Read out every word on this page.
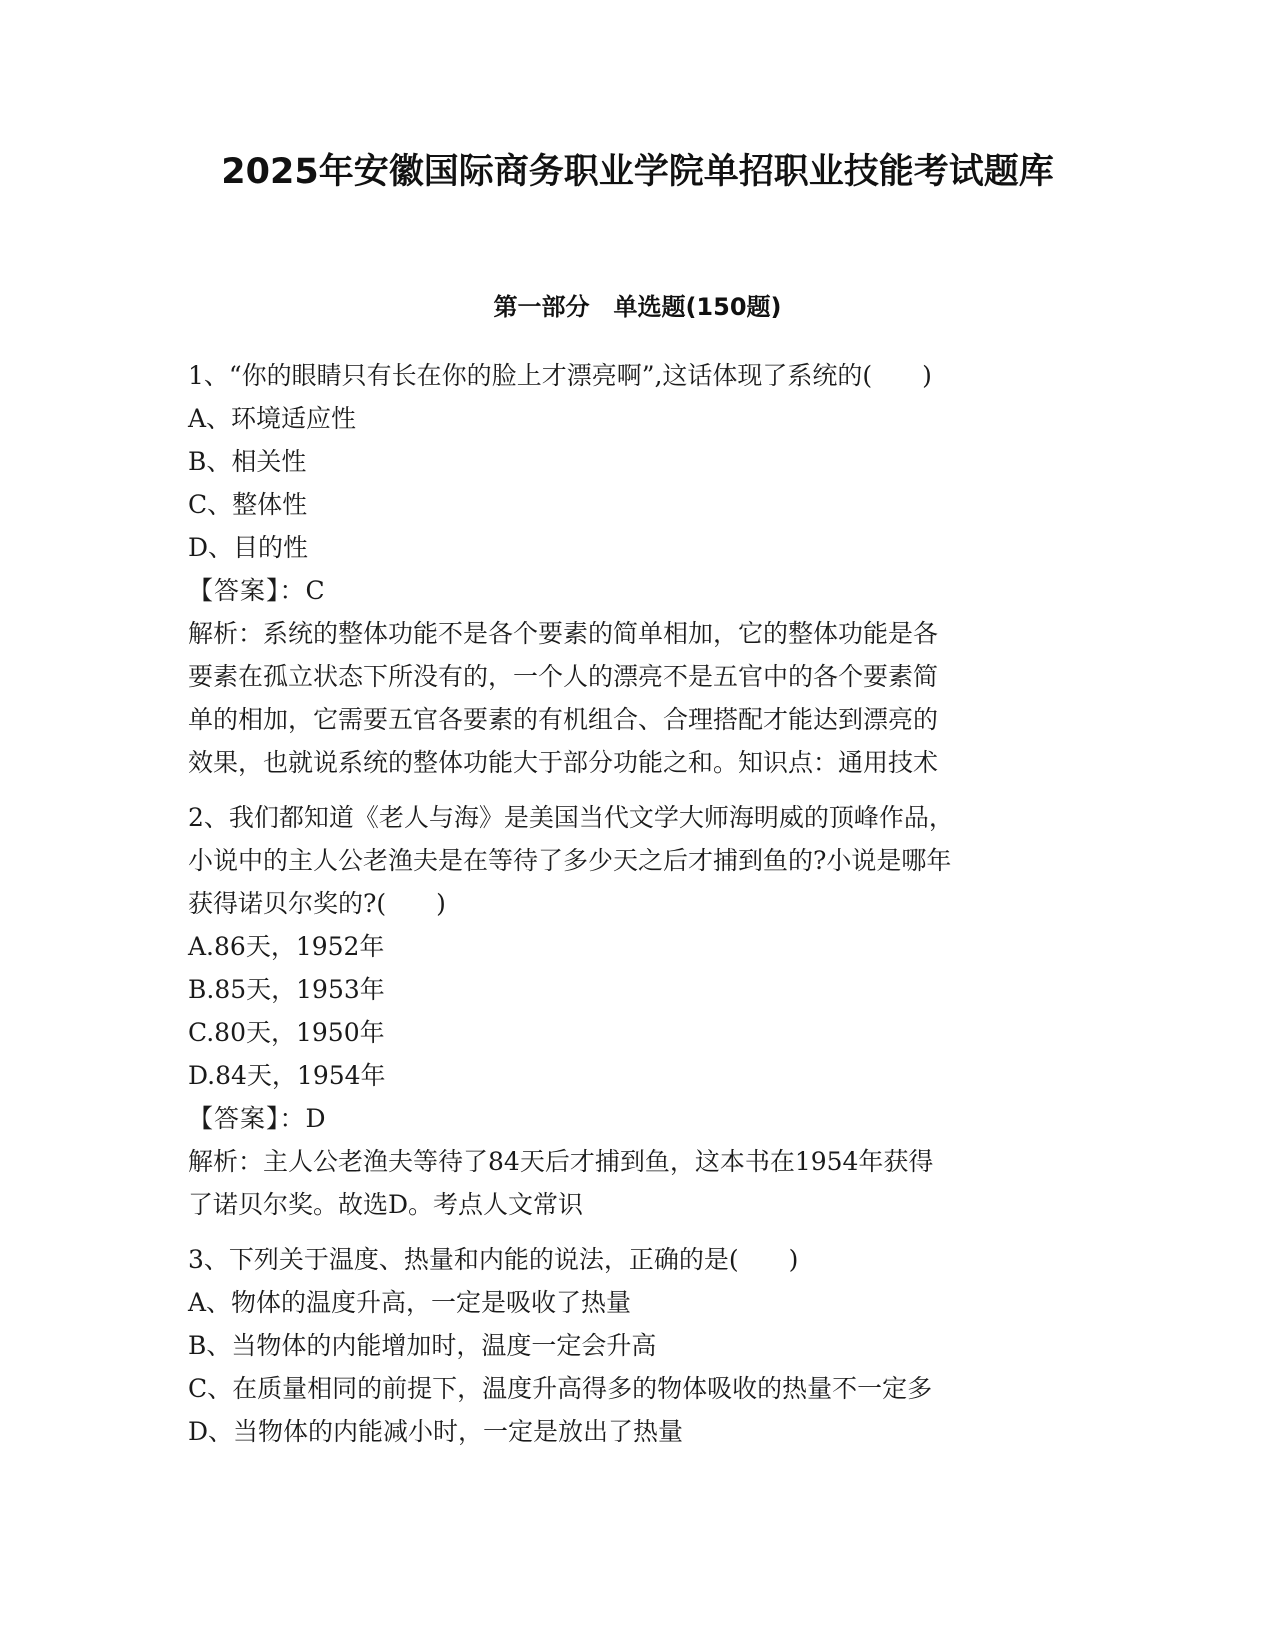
2025年安徽国际商务职业学院单招职业技能考试题库
第一部分　单选题(150题)
1、“你的眼睛只有长在你的脸上才漂亮啊”,这话体现了系统的(　　)
A、环境适应性
B、相关性
C、整体性
D、目的性
【答案】：C
解析：系统的整体功能不是各个要素的简单相加，它的整体功能是各
要素在孤立状态下所没有的，一个人的漂亮不是五官中的各个要素简
单的相加，它需要五官各要素的有机组合、合理搭配才能达到漂亮的
效果，也就说系统的整体功能大于部分功能之和。知识点：通用技术
2、我们都知道《老人与海》是美国当代文学大师海明威的顶峰作品，
小说中的主人公老渔夫是在等待了多少天之后才捕到鱼的?小说是哪年
获得诺贝尔奖的?(　　)
A.86天，1952年
B.85天，1953年
C.80天，1950年
D.84天，1954年
【答案】：D
解析：主人公老渔夫等待了84天后才捕到鱼，这本书在1954年获得
了诺贝尔奖。故选D。考点人文常识
3、下列关于温度、热量和内能的说法，正确的是(　　)
A、物体的温度升高，一定是吸收了热量
B、当物体的内能增加时，温度一定会升高
C、在质量相同的前提下，温度升高得多的物体吸收的热量不一定多
D、当物体的内能减小时，一定是放出了热量
